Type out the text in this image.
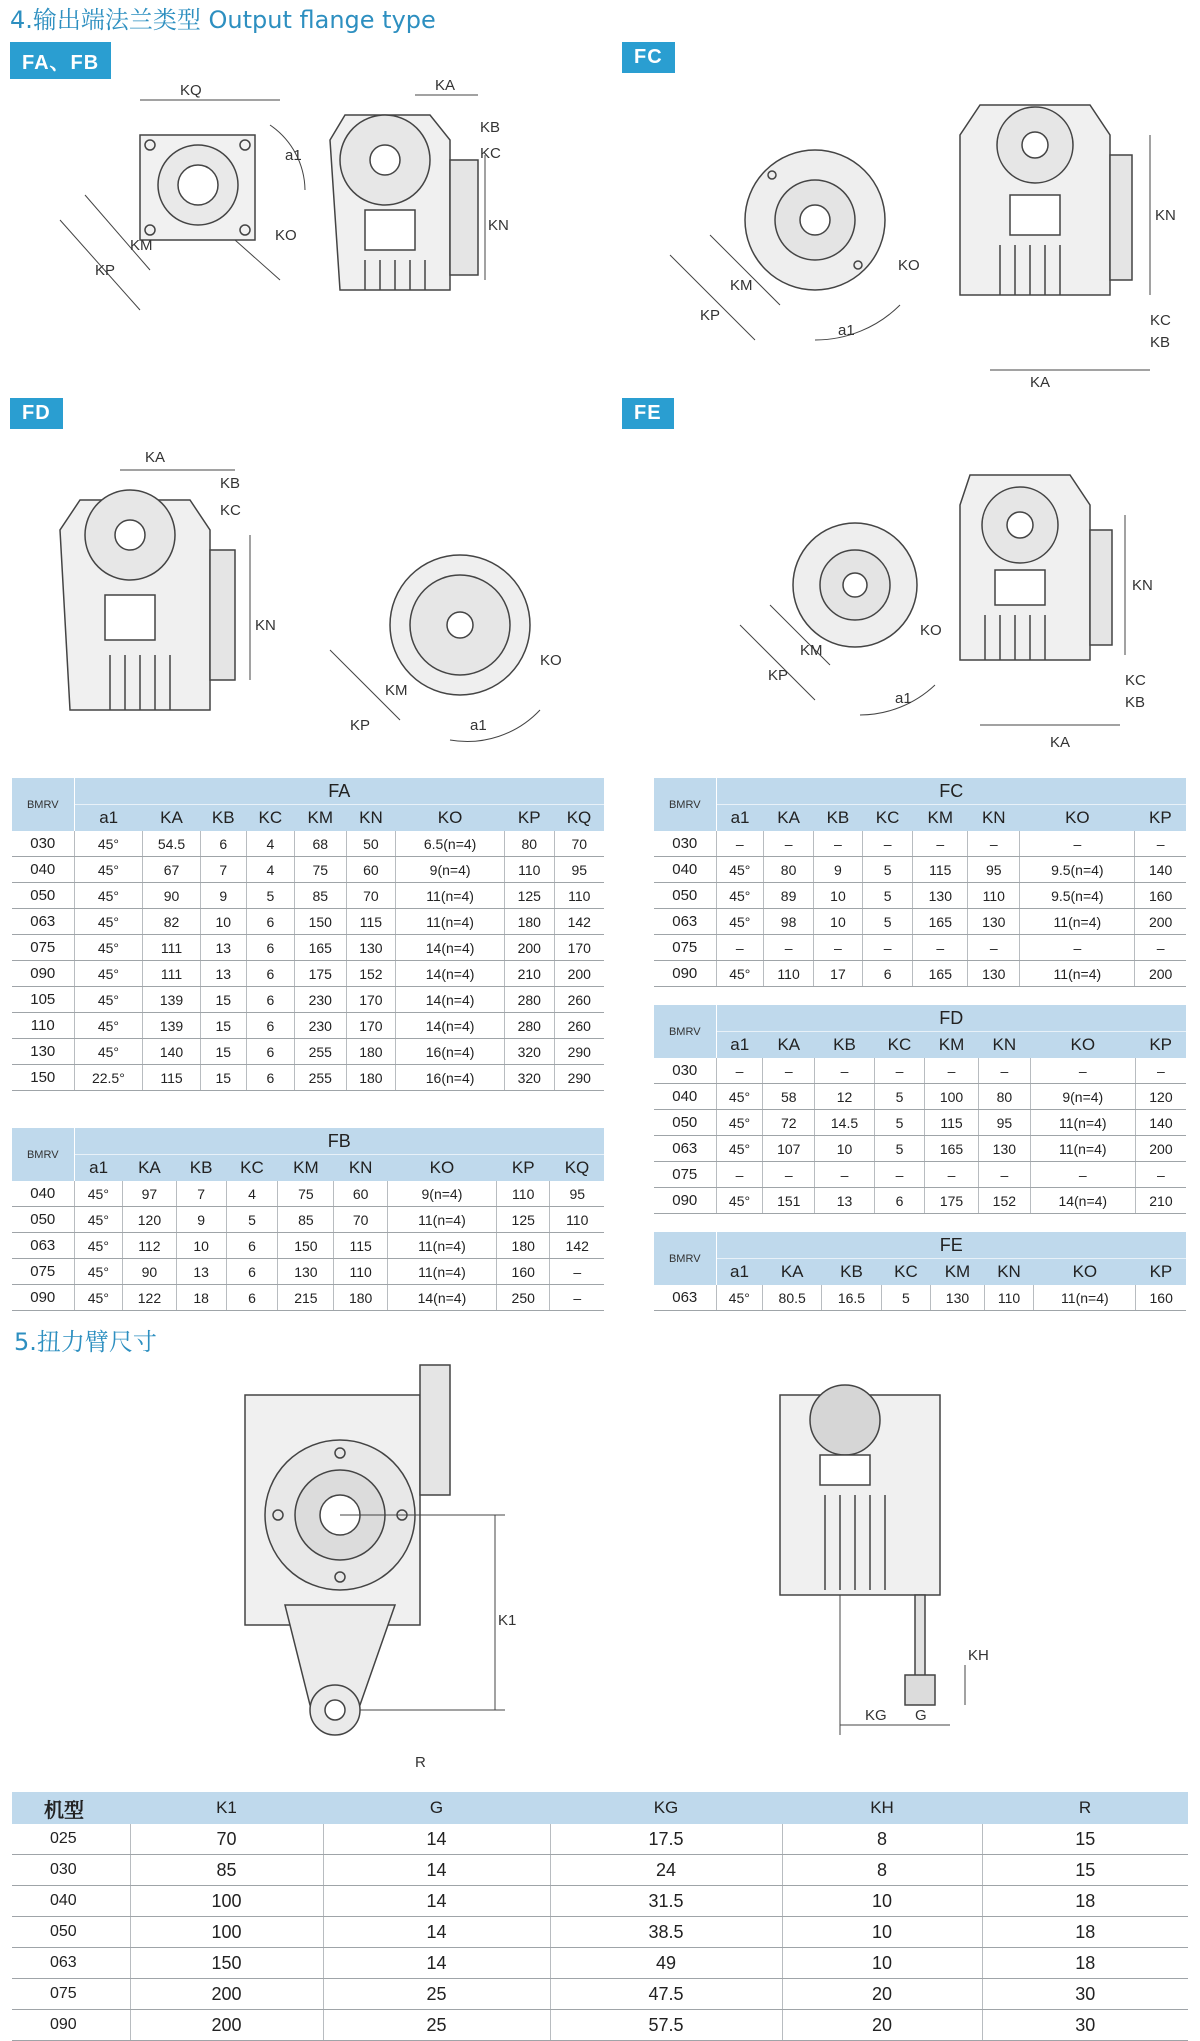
4.输出端法兰类型 Output flange type
FA、FB	FC
FD	FE
KQ	KA
KB
KC
KN
KM
KP
KO
a1
KN
KC
KB
KA
KM
KP
KO
a1
KA
KB
KC
KN
KM
KP
KO
a1
KN
KC
KB
KA
KM
KP
KO
a1
BMRV	FA								
	a1	KA	KB	KC	KM	KN	KO	KP	KQ
030	45°	54.5	6	4	68	50	6.5(n=4)	80	70
040	45°	67	7	4	75	60	9(n=4)	110	95
050	45°	90	9	5	85	70	11(n=4)	125	110
063	45°	82	10	6	150	115	11(n=4)	180	142
075	45°	111	13	6	165	130	14(n=4)	200	170
090	45°	111	13	6	175	152	14(n=4)	210	200
105	45°	139	15	6	230	170	14(n=4)	280	260
110	45°	139	15	6	230	170	14(n=4)	280	260
130	45°	140	15	6	255	180	16(n=4)	320	290
150	22.5°	115	15	6	255	180	16(n=4)	320	290
BMRV	FB								
	a1	KA	KB	KC	KM	KN	KO	KP	KQ
040	45°	97	7	4	75	60	9(n=4)	110	95
050	45°	120	9	5	85	70	11(n=4)	125	110
063	45°	112	10	6	150	115	11(n=4)	180	142
075	45°	90	13	6	130	110	11(n=4)	160	–
090	45°	122	18	6	215	180	14(n=4)	250	–
BMRV	FC							
	a1	KA	KB	KC	KM	KN	KO	KP
030	–	–	–	–	–	–	–	–
040	45°	80	9	5	115	95	9.5(n=4)	140
050	45°	89	10	5	130	110	9.5(n=4)	160
063	45°	98	10	5	165	130	11(n=4)	200
075	–	–	–	–	–	–	–	–
090	45°	110	17	6	165	130	11(n=4)	200
BMRV	FD							
	a1	KA	KB	KC	KM	KN	KO	KP
030	–	–	–	–	–	–	–	–
040	45°	58	12	5	100	80	9(n=4)	120
050	45°	72	14.5	5	115	95	11(n=4)	140
063	45°	107	10	5	165	130	11(n=4)	200
075	–	–	–	–	–	–	–	–
090	45°	151	13	6	175	152	14(n=4)	210
BMRV	FE							
	a1	KA	KB	KC	KM	KN	KO	KP
063	45°	80.5	16.5	5	130	110	11(n=4)	160
5.扭力臂尺寸
K1
R
KH
KG G
机型	K1	G	KG	KH	R
025	70	14	17.5	8	15
030	85	14	24	8	15
040	100	14	31.5	10	18
050	100	14	38.5	10	18
063	150	14	49	10	18
075	200	25	47.5	20	30
090	200	25	57.5	20	30
